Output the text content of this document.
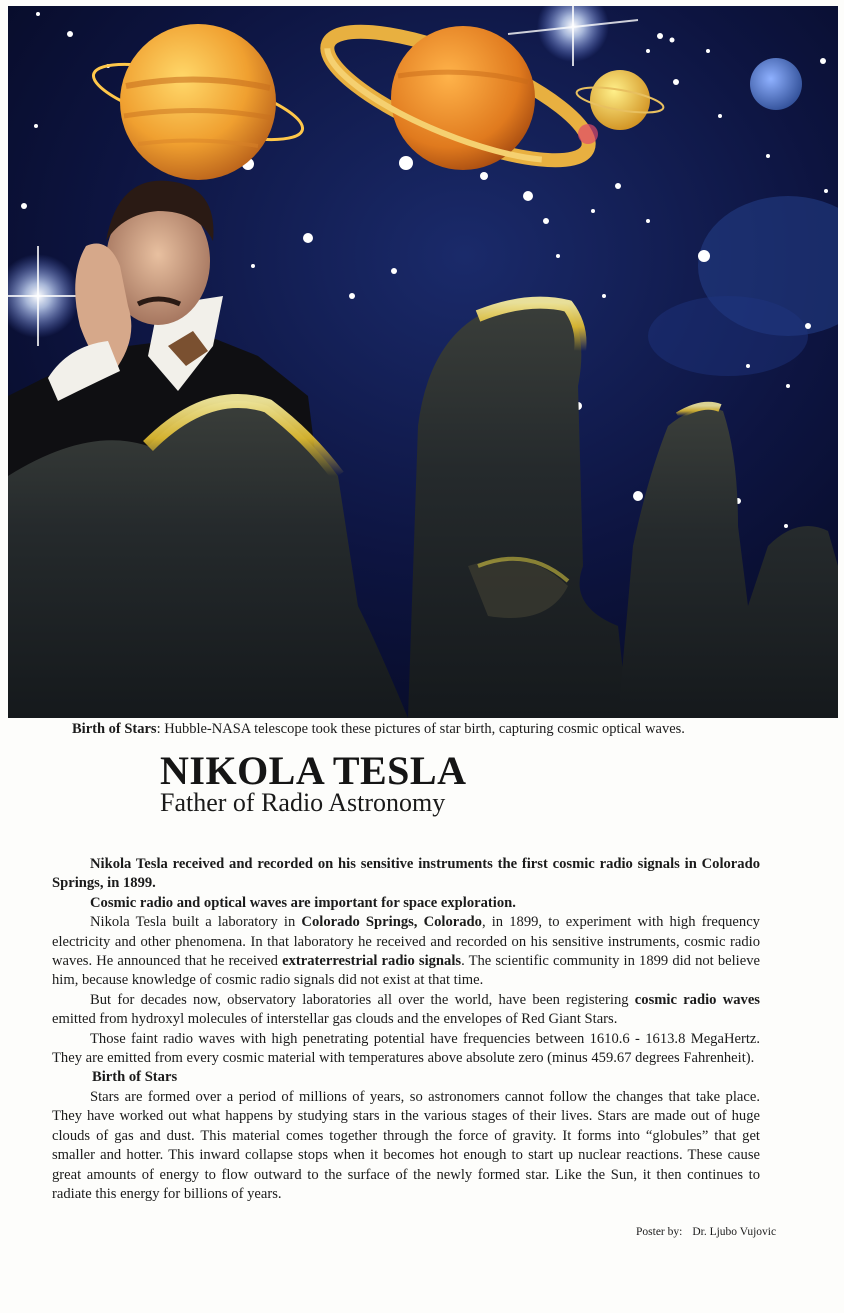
Birth of Stars: Hubble-NASA telescope took these pictures of star birth, capturing cosmic optical waves.
NIKOLA TESLA
Father of Radio Astronomy

Nikola Tesla received and recorded on his sensitive instruments the first cosmic radio signals in Colorado Springs, in 1899.

Cosmic radio and optical waves are important for space exploration.

Nikola Tesla built a laboratory in Colorado Springs, Colorado, in 1899, to experiment with high frequency electricity and other phenomena. In that laboratory he received and recorded on his sensitive instruments, cosmic radio waves. He announced that he received extraterrestrial radio signals. The scientific community in 1899 did not believe him, because knowledge of cosmic radio signals did not exist at that time.

But for decades now, observatory laboratories all over the world, have been registering cosmic radio waves emitted from hydroxyl molecules of interstellar gas clouds and the envelopes of Red Giant Stars.

Those faint radio waves with high penetrating potential have frequencies between 1610.6 - 1613.8 MegaHertz. They are emitted from every cosmic material with temperatures above absolute zero (minus 459.67 degrees Fahrenheit).

Birth of Stars

Stars are formed over a period of millions of years, so astronomers cannot follow the changes that take place. They have worked out what happens by studying stars in the various stages of their lives. Stars are made out of huge clouds of gas and dust. This material comes together through the force of gravity. It forms into “globules” that get smaller and hotter. This inward collapse stops when it becomes hot enough to start up nuclear reactions. These cause great amounts of energy to flow outward to the surface of the newly formed star. Like the Sun, it then continues to radiate this energy for billions of years.

Poster by: Dr. Ljubo Vujovic
